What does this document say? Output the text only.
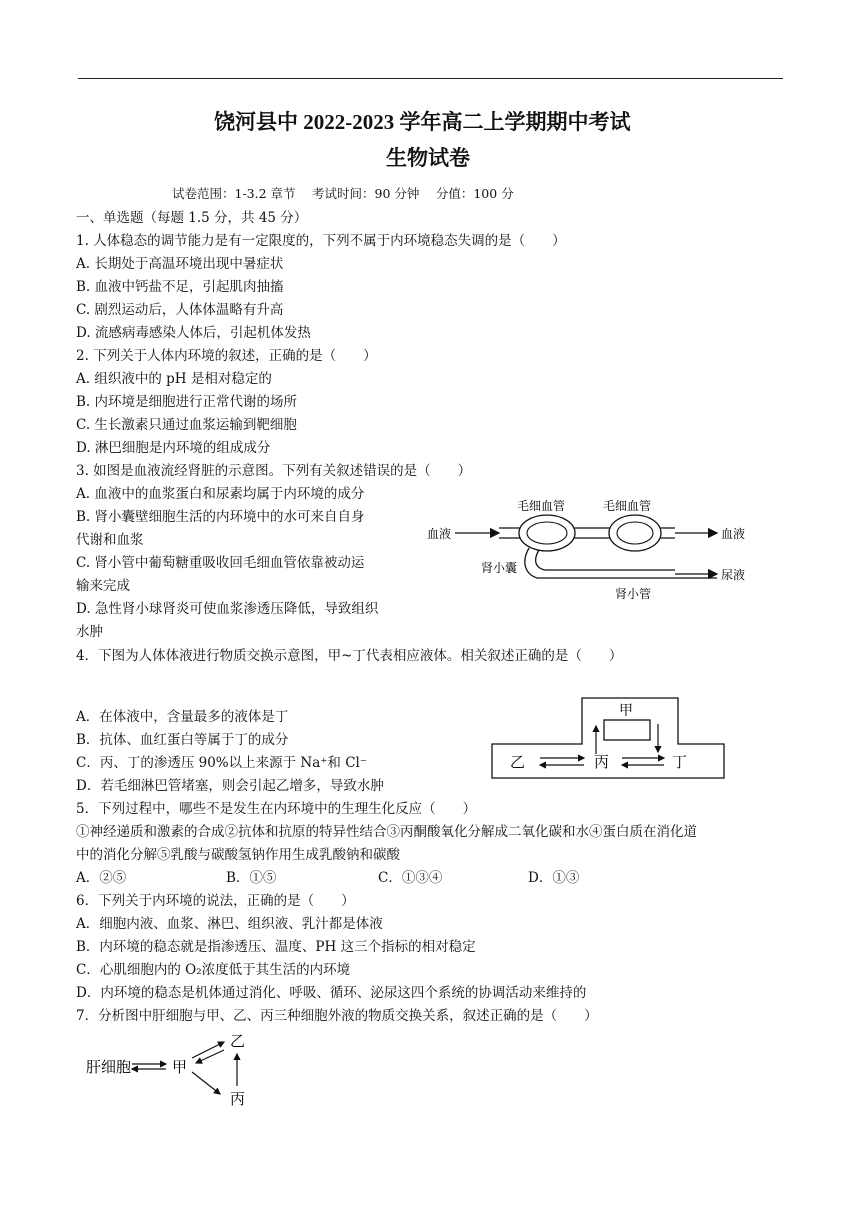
饶河县中 2022-2023 学年高二上学期期中考试
生物试卷
试卷范围：1-3.2 章节　 考试时间：90 分钟　 分值：100 分
一、单选题（每题 1.5 分，共 45 分）
1. 人体稳态的调节能力是有一定限度的，下列不属于内环境稳态失调的是（　　）
A. 长期处于高温环境出现中暑症状
B. 血液中钙盐不足，引起肌肉抽搐
C. 剧烈运动后，人体体温略有升高
D. 流感病毒感染人体后，引起机体发热
2. 下列关于人体内环境的叙述，正确的是（　　）
A. 组织液中的 pH 是相对稳定的
B. 内环境是细胞进行正常代谢的场所
C. 生长激素只通过血浆运输到靶细胞
D. 淋巴细胞是内环境的组成成分
3. 如图是血液流经肾脏的示意图。下列有关叙述错误的是（　　）
A. 血液中的血浆蛋白和尿素均属于内环境的成分
B. 肾小囊壁细胞生活的内环境中的水可来自自身
代谢和血浆
C. 肾小管中葡萄糖重吸收回毛细血管依靠被动运
输来完成
D. 急性肾小球肾炎可使血浆渗透压降低，导致组织
水肿
毛细血管	毛细血管
血液	血液
尿液
肾小囊
肾小管
4．下图为人体体液进行物质交换示意图，甲~丁代表相应液体。相关叙述正确的是（　　）
A．在体液中，含量最多的液体是丁
B．抗体、血红蛋白等属于丁的成分
C．丙、丁的渗透压 90%以上来源于 Na⁺和 Cl⁻
D．若毛细淋巴管堵塞，则会引起乙增多，导致水肿
甲
乙	丙	丁
5．下列过程中，哪些不是发生在内环境中的生理生化反应（　　）
①神经递质和激素的合成②抗体和抗原的特异性结合③丙酮酸氧化分解成二氧化碳和水④蛋白质在消化道
中的消化分解⑤乳酸与碳酸氢钠作用生成乳酸钠和碳酸
A．②⑤	B．①⑤	C．①③④	D．①③
6．下列关于内环境的说法，正确的是（　　）
A．细胞内液、血浆、淋巴、组织液、乳汁都是体液
B．内环境的稳态就是指渗透压、温度、PH 这三个指标的相对稳定
C．心肌细胞内的 O₂浓度低于其生活的内环境
D．内环境的稳态是机体通过消化、呼吸、循环、泌尿这四个系统的协调活动来维持的
7．分析图中肝细胞与甲、乙、丙三种细胞外液的物质交换关系，叙述正确的是（　　）
肝细胞	甲
乙
丙
